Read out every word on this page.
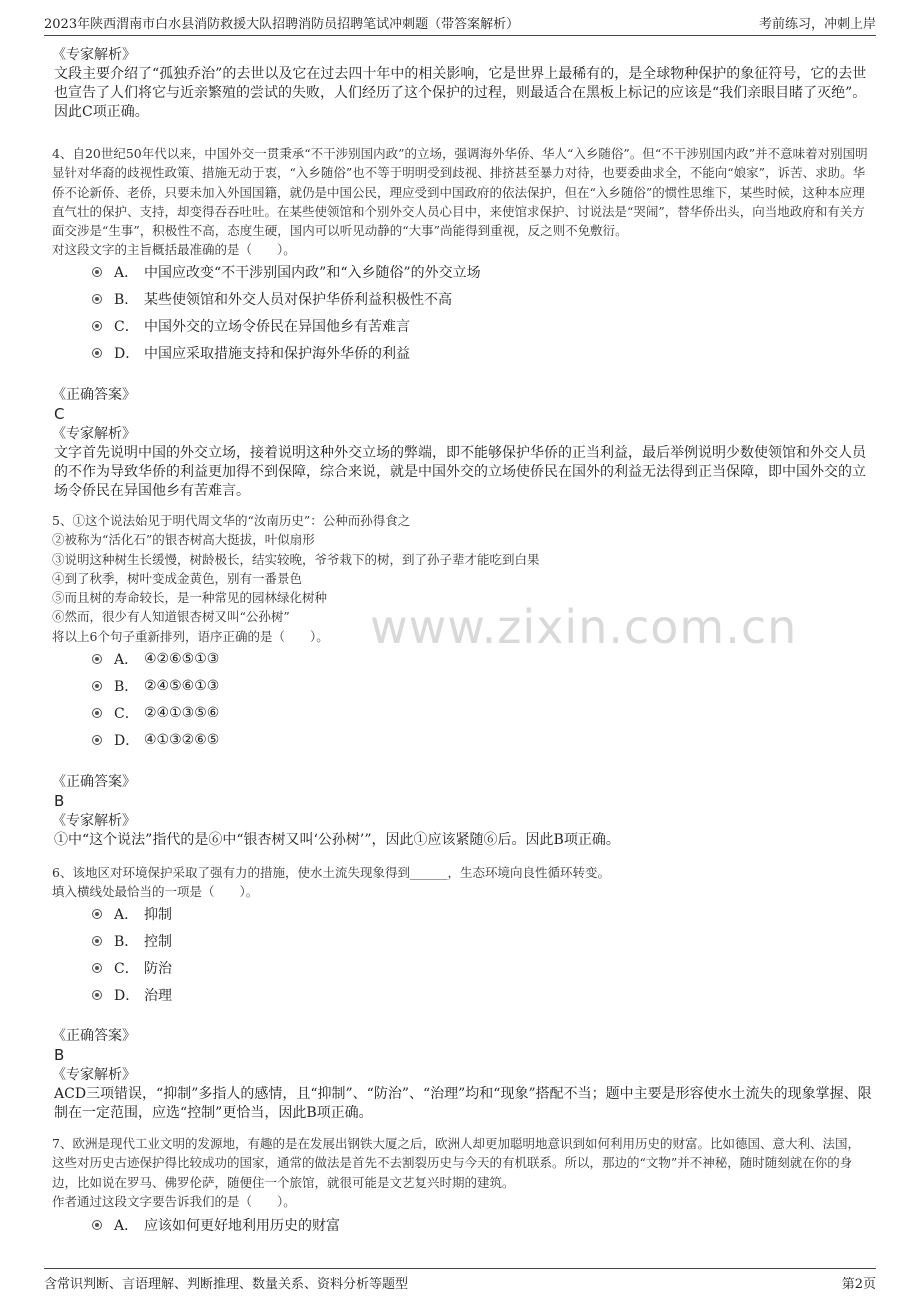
2023年陕西渭南市白水县消防救援大队招聘消防员招聘笔试冲刺题（带答案解析）	考前练习，冲刺上岸
www.zixin.com.cn
《专家解析》
文段主要介绍了“孤独乔治”的去世以及它在过去四十年中的相关影响，它是世界上最稀有的，是全球物种保护的象征符号，它的去世也宣告了人们将它与近亲繁殖的尝试的失败，人们经历了这个保护的过程，则最适合在黑板上标记的应该是“我们亲眼目睹了灭绝”。因此C项正确。
4、自20世纪50年代以来，中国外交一贯秉承“不干涉别国内政”的立场，强调海外华侨、华人“入乡随俗”。但“不干涉别国内政”并不意味着对别国明显针对华裔的歧视性政策、措施无动于衷，“入乡随俗”也不等于明明受到歧视、排挤甚至暴力对待，也要委曲求全，不能向“娘家”，诉苦、求助。华侨不论新侨、老侨，只要未加入外国国籍，就仍是中国公民，理应受到中国政府的依法保护，但在“入乡随俗”的惯性思维下，某些时候，这种本应理直气壮的保护、支持，却变得吞吞吐吐。在某些使领馆和个别外交人员心目中，来使馆求保护、讨说法是“哭闹”，替华侨出头，向当地政府和有关方面交涉是“生事”，积极性不高，态度生硬，国内可以听见动静的“大事”尚能得到重视，反之则不免敷衍。
对这段文字的主旨概括最准确的是（　　）。
A． 中国应改变“不干涉别国内政”和“入乡随俗”的外交立场
B． 某些使领馆和外交人员对保护华侨利益积极性不高
C． 中国外交的立场令侨民在异国他乡有苦难言
D． 中国应采取措施支持和保护海外华侨的利益
《正确答案》
C
《专家解析》
文字首先说明中国的外交立场，接着说明这种外交立场的弊端，即不能够保护华侨的正当利益，最后举例说明少数使领馆和外交人员的不作为导致华侨的利益更加得不到保障，综合来说，就是中国外交的立场使侨民在国外的利益无法得到正当保障，即中国外交的立场令侨民在异国他乡有苦难言。
5、①这个说法始见于明代周文华的“汝南历史”：公种而孙得食之
②被称为“活化石”的银杏树高大挺拔，叶似扇形
③说明这种树生长缓慢，树龄极长，结实较晚，爷爷栽下的树，到了孙子辈才能吃到白果
④到了秋季，树叶变成金黄色，别有一番景色
⑤而且树的寿命较长，是一种常见的园林绿化树种
⑥然而，很少有人知道银杏树又叫“公孙树”
将以上6个句子重新排列，语序正确的是（　　）。
A． ④②⑥⑤①③
B． ②④⑤⑥①③
C． ②④①③⑤⑥
D． ④①③②⑥⑤
《正确答案》
B
《专家解析》
①中“这个说法”指代的是⑥中“银杏树又叫‘公孙树’”，因此①应该紧随⑥后。因此B项正确。
6、该地区对环境保护采取了强有力的措施，使水土流失现象得到______，生态环境向良性循环转变。
填入横线处最恰当的一项是（　　）。
A． 抑制
B． 控制
C． 防治
D． 治理
《正确答案》
B
《专家解析》
ACD三项错误，“抑制”多指人的感情，且“抑制”、“防治”、“治理”均和“现象”搭配不当；题中主要是形容使水土流失的现象掌握、限制在一定范围，应选“控制”更恰当，因此B项正确。
7、欧洲是现代工业文明的发源地，有趣的是在发展出钢铁大厦之后，欧洲人却更加聪明地意识到如何利用历史的财富。比如德国、意大利、法国，这些对历史古迹保护得比较成功的国家，通常的做法是首先不去割裂历史与今天的有机联系。所以，那边的“文物”并不神秘，随时随刻就在你的身边，比如说在罗马、佛罗伦萨，随便住一个旅馆，就很可能是文艺复兴时期的建筑。
作者通过这段文字要告诉我们的是（　　）。
A． 应该如何更好地利用历史的财富
含常识判断、言语理解、判断推理、数量关系、资料分析等题型	第2页
